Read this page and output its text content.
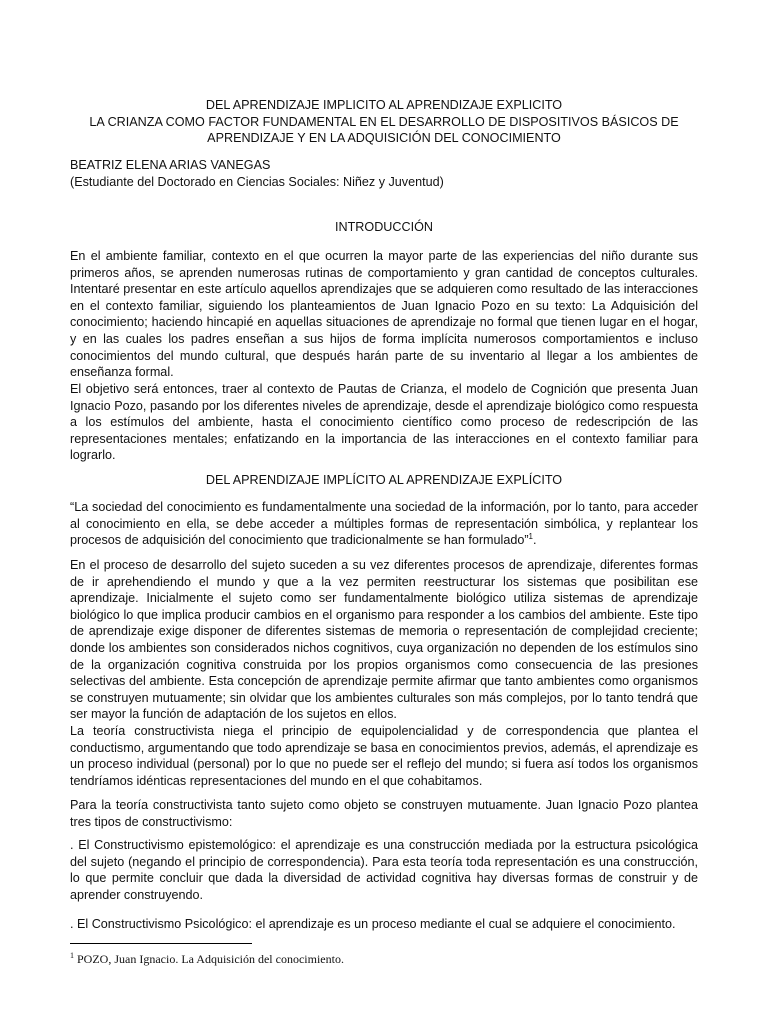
DEL APRENDIZAJE IMPLICITO AL APRENDIZAJE EXPLICITO
LA CRIANZA COMO FACTOR FUNDAMENTAL EN EL DESARROLLO DE DISPOSITIVOS BÁSICOS DE
APRENDIZAJE Y EN LA ADQUISICIÓN DEL CONOCIMIENTO
BEATRIZ ELENA ARIAS VANEGAS
(Estudiante del Doctorado en Ciencias Sociales: Niñez y Juventud)
INTRODUCCIÓN

En el ambiente familiar, contexto en el que ocurren la mayor parte de las experiencias del niño durante sus primeros años, se aprenden numerosas rutinas de comportamiento y gran cantidad de conceptos culturales. Intentaré presentar en este artículo aquellos aprendizajes que se adquieren como resultado de las interacciones en el contexto familiar, siguiendo los planteamientos de Juan Ignacio Pozo en su texto: La Adquisición del conocimiento; haciendo hincapié en aquellas situaciones de aprendizaje no formal que tienen lugar en el hogar, y en las cuales los padres enseñan a sus hijos de forma implícita numerosos comportamientos e incluso conocimientos del mundo cultural, que después harán parte de su inventario al llegar a los ambientes de enseñanza formal.

El objetivo será entonces, traer al contexto de Pautas de Crianza, el modelo de Cognición que presenta Juan Ignacio Pozo, pasando por los diferentes niveles de aprendizaje, desde el aprendizaje biológico como respuesta a los estímulos del ambiente, hasta el conocimiento científico como proceso de redescripción de las representaciones mentales; enfatizando en la importancia de las interacciones en el contexto familiar para lograrlo.

DEL APRENDIZAJE IMPLÍCITO AL APRENDIZAJE EXPLÍCITO

“La sociedad del conocimiento es fundamentalmente una sociedad de la información, por lo tanto, para acceder al conocimiento en ella, se debe acceder a múltiples formas de representación simbólica, y replantear los procesos de adquisición del conocimiento que tradicionalmente se han formulado”$^1$.

En el proceso de desarrollo del sujeto suceden a su vez diferentes procesos de aprendizaje, diferentes formas de ir aprehendiendo el mundo y que a la vez permiten reestructurar los sistemas que posibilitan ese aprendizaje. Inicialmente el sujeto como ser fundamentalmente biológico utiliza sistemas de aprendizaje biológico lo que implica producir cambios en el organismo para responder a los cambios del ambiente. Este tipo de aprendizaje exige disponer de diferentes sistemas de memoria o representación de complejidad creciente; donde los ambientes son considerados nichos cognitivos, cuya organización no dependen de los estímulos sino de la organización cognitiva construida por los propios organismos como consecuencia de las presiones selectivas del ambiente. Esta concepción de aprendizaje permite afirmar que tanto ambientes como organismos se construyen mutuamente; sin olvidar que los ambientes culturales son más complejos, por lo tanto tendrá que ser mayor la función de adaptación de los sujetos en ellos.

La teoría constructivista niega el principio de equipolencialidad y de correspondencia que plantea el conductismo, argumentando que todo aprendizaje se basa en conocimientos previos, además, el aprendizaje es un proceso individual (personal) por lo que no puede ser el reflejo del mundo; si fuera así todos los organismos tendríamos idénticas representaciones del mundo en el que cohabitamos.

Para la teoría constructivista tanto sujeto como objeto se construyen mutuamente. Juan Ignacio Pozo plantea tres tipos de constructivismo:

. El Constructivismo epistemológico: el aprendizaje es una construcción mediada por la estructura psicológica del sujeto (negando el principio de correspondencia). Para esta teoría toda representación es una construcción, lo que permite concluir que dada la diversidad de actividad cognitiva hay diversas formas de construir y de aprender construyendo.

. El Constructivismo Psicológico: el aprendizaje es un proceso mediante el cual se adquiere el conocimiento.

$^1$ POZO, Juan Ignacio. La Adquisición del conocimiento.
